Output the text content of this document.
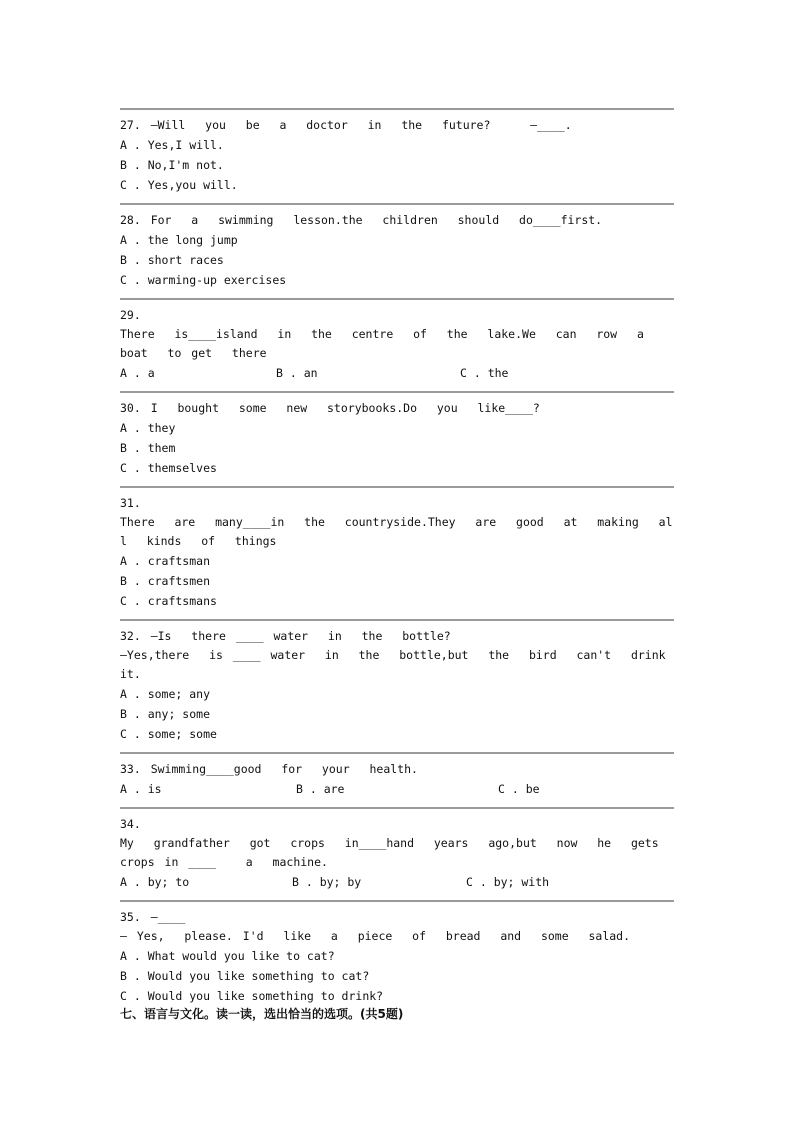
27. —Will  you  be  a  doctor  in  the  future?    —____.
A . Yes,I will.
B . No,I'm not.
C . Yes,you will.
28. For  a  swimming  lesson.the  children  should  do____first.
A . the long jump
B . short races
C . warming-up exercises
29.
There  is____island  in  the  centre  of  the  lake.We  can  row  a  boat  to get  there
A . a	B . an	C . the
30. I  bought  some  new  storybooks.Do  you  like____?
A . they
B . them
C . themselves
31.
There  are  many____in  the  countryside.They  are  good  at  making  all  kinds  of  things
A . craftsman
B . craftsmen
C . craftsmans
32. —Is  there ____ water  in  the  bottle?
—Yes,there  is ____ water  in  the  bottle,but  the  bird  can't  drink  it.
A . some; any
B . any; some
C . some; some
33. Swimming____good  for  your  health.
A . is	B . are	C . be
34.
My  grandfather  got  crops  in____hand  years  ago,but  now  he  gets  crops in ____   a  machine.
A . by; to	B . by; by	C . by; with
35. —____
— Yes,  please. I'd  like  a  piece  of  bread  and  some  salad.
A . What would you like to cat?
B . Would you like something to cat?
C . Would you like something to drink?
七、语言与文化。读一读，选出恰当的选项。(共5题)
